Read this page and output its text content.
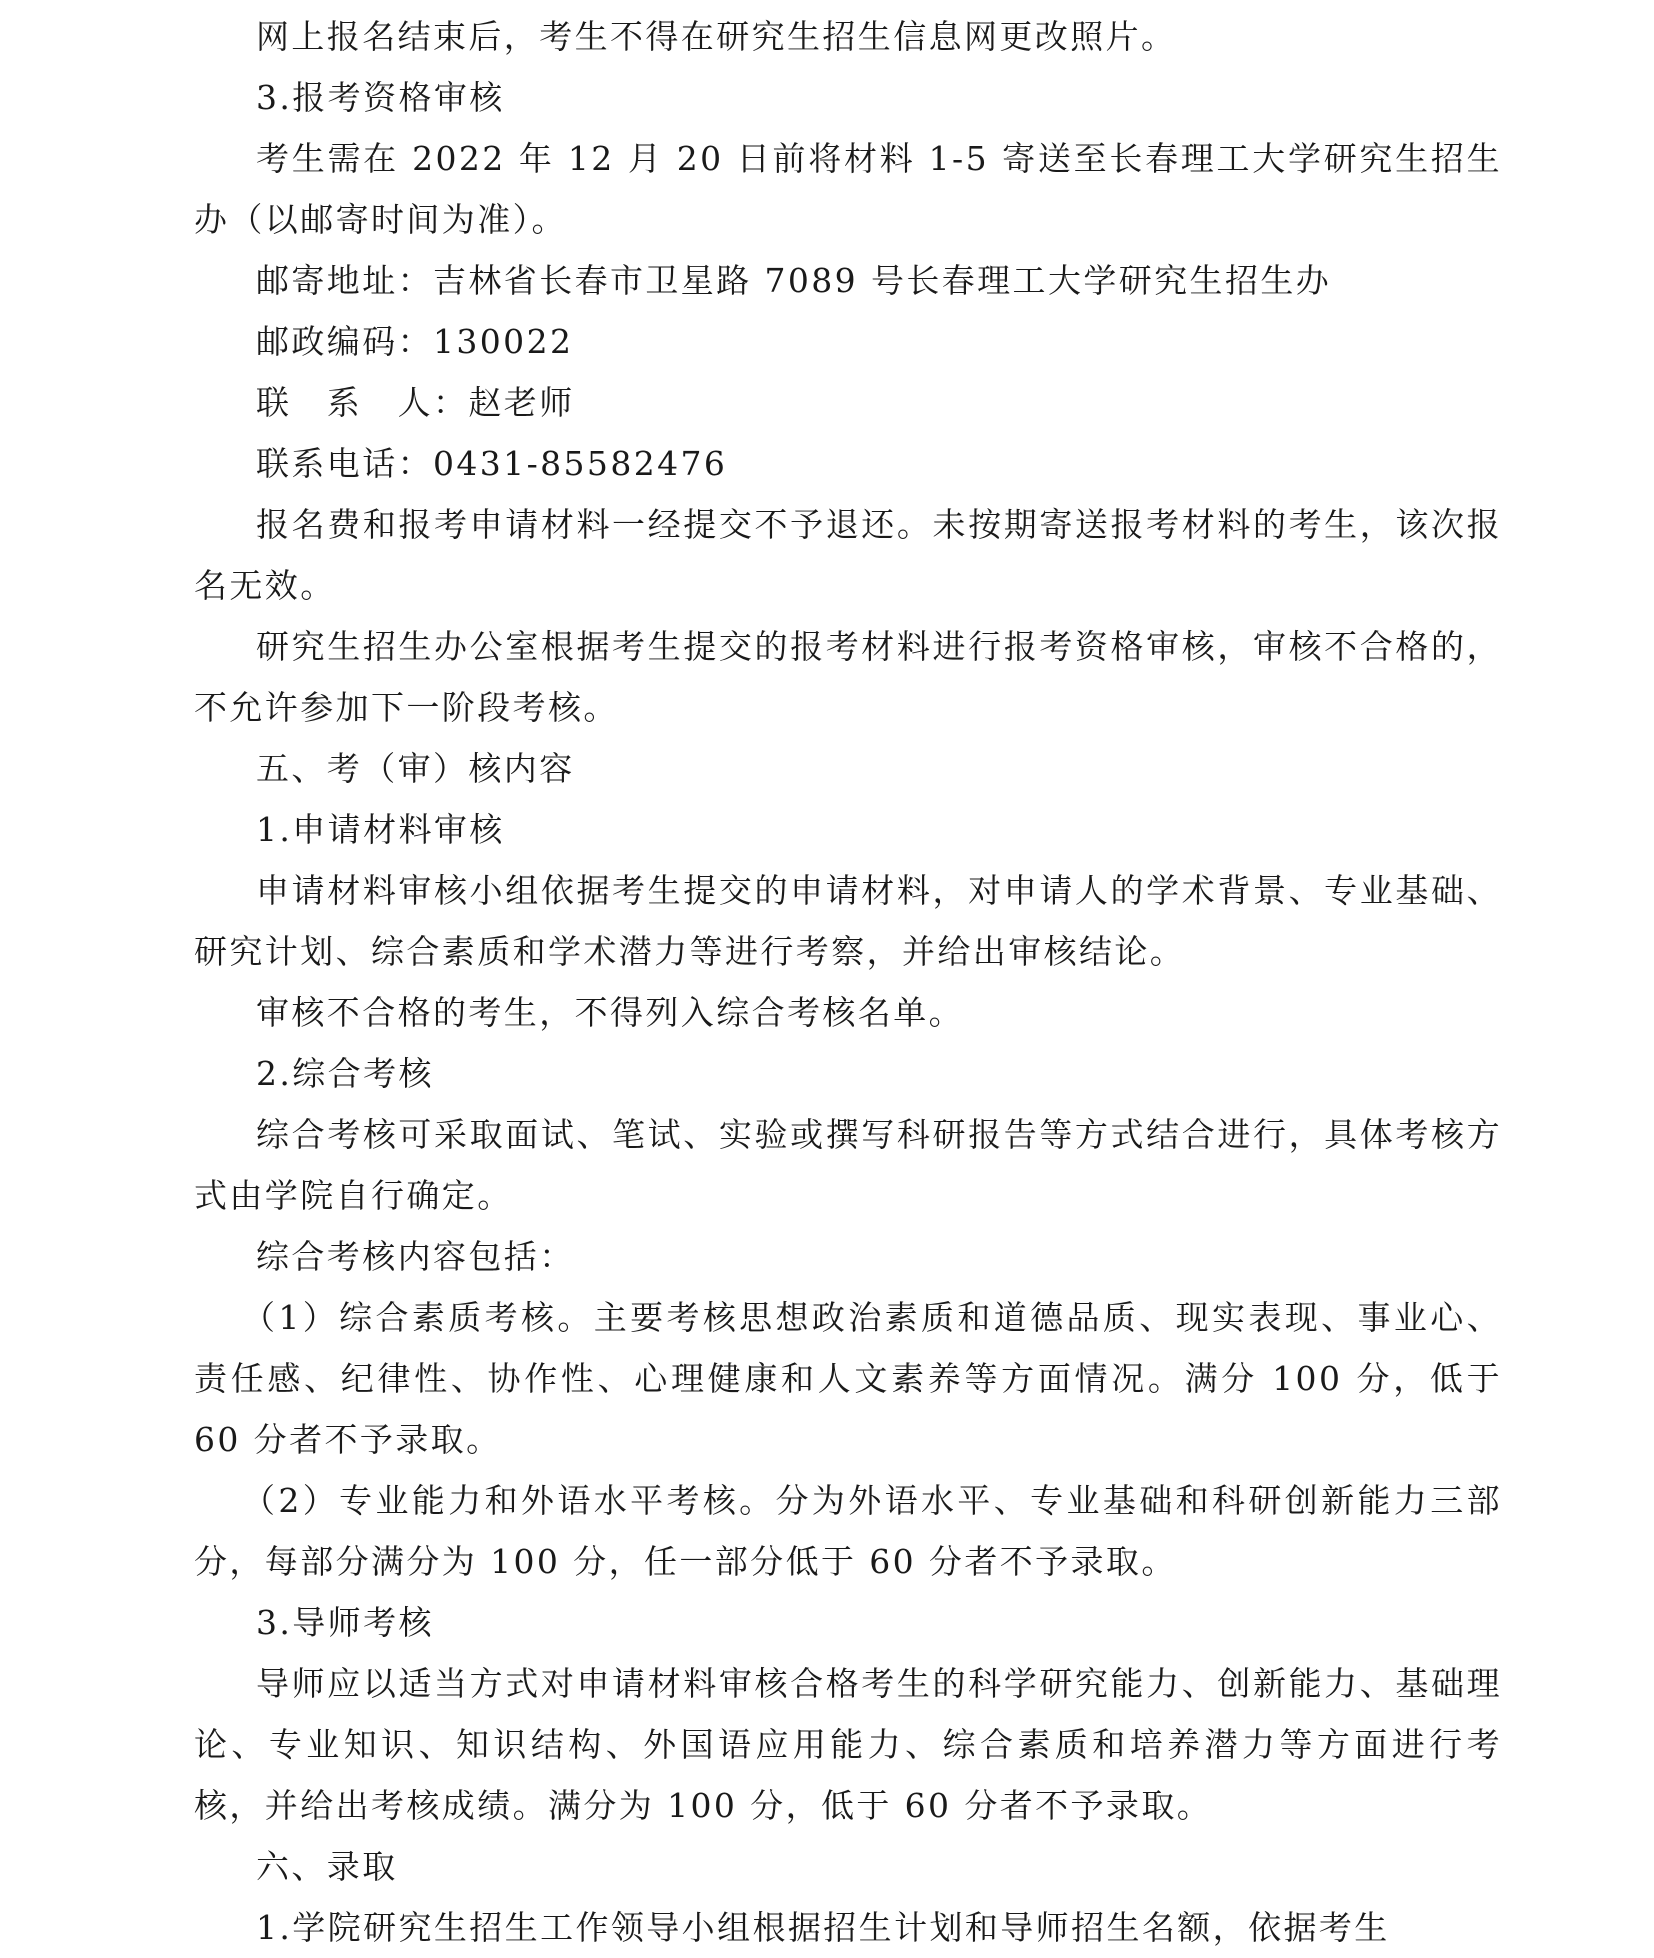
网上报名结束后，考生不得在研究生招生信息网更改照片。

3.报考资格审核

考生需在 2022 年 12 月 20 日前将材料 1-5 寄送至长春理工大学研究生招生办（以邮寄时间为准）。

邮寄地址：吉林省长春市卫星路 7089 号长春理工大学研究生招生办

邮政编码：130022

联　系　人：赵老师

联系电话：0431-85582476

报名费和报考申请材料一经提交不予退还。未按期寄送报考材料的考生，该次报名无效。

研究生招生办公室根据考生提交的报考材料进行报考资格审核，审核不合格的，不允许参加下一阶段考核。

五、考（审）核内容

1.申请材料审核

申请材料审核小组依据考生提交的申请材料，对申请人的学术背景、专业基础、研究计划、综合素质和学术潜力等进行考察，并给出审核结论。

审核不合格的考生，不得列入综合考核名单。

2.综合考核

综合考核可采取面试、笔试、实验或撰写科研报告等方式结合进行，具体考核方式由学院自行确定。

综合考核内容包括：

（1）综合素质考核。主要考核思想政治素质和道德品质、现实表现、事业心、责任感、纪律性、协作性、心理健康和人文素养等方面情况。满分 100 分，低于 60 分者不予录取。

（2）专业能力和外语水平考核。分为外语水平、专业基础和科研创新能力三部分，每部分满分为 100 分，任一部分低于 60 分者不予录取。

3.导师考核

导师应以适当方式对申请材料审核合格考生的科学研究能力、创新能力、基础理论、专业知识、知识结构、外国语应用能力、综合素质和培养潜力等方面进行考核，并给出考核成绩。满分为 100 分，低于 60 分者不予录取。

六、录取

1.学院研究生招生工作领导小组根据招生计划和导师招生名额，依据考生
